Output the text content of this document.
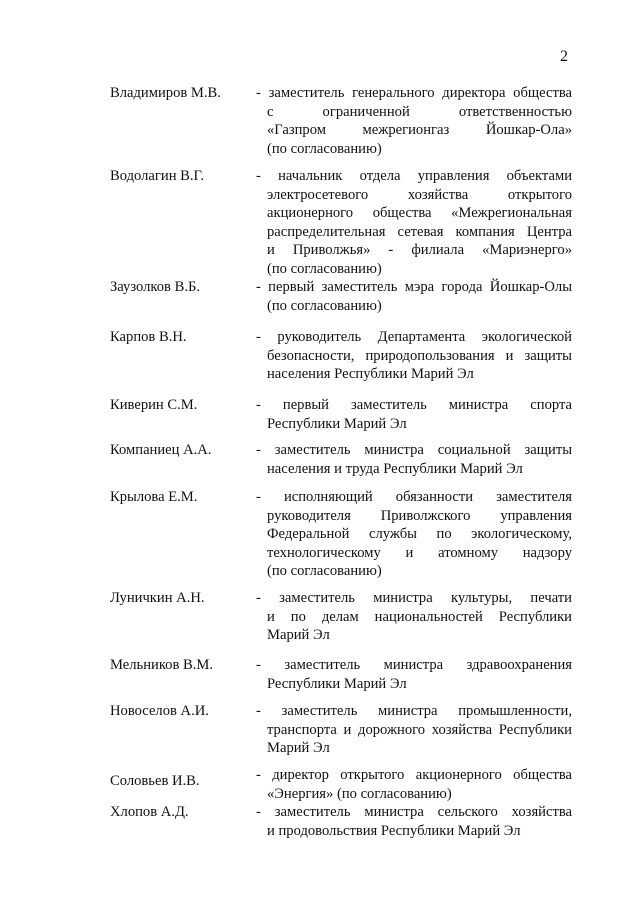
2
Владимиров М.В. - заместитель генерального директора общества
с ограниченной ответственностью
«Газпром межрегионгаз Йошкар-Ола»
(по согласованию)
Водолагин В.Г.	- начальник отдела управления объектами
электросетевого хозяйства открытого
акционерного общества «Межрегиональная
распределительная сетевая компания Центра
и Приволжья» - филиала «Мариэнерго»
(по согласованию)
Заузолков В.Б.	- первый заместитель мэра города Йошкар-Олы
(по согласованию)
Карпов В.Н.	- руководитель Департамента экологической
безопасности, природопользования и защиты
населения Республики Марий Эл
Киверин С.М.	- первый заместитель министра спорта
Республики Марий Эл
Компаниец А.А.	- заместитель министра социальной защиты
населения и труда Республики Марий Эл
Крылова Е.М.	- исполняющий обязанности заместителя
руководителя Приволжского управления
Федеральной службы по экологическому,
технологическому и атомному надзору
(по согласованию)
Луничкин А.Н.	- заместитель министра культуры, печати
и по делам национальностей Республики
Марий Эл
Мельников В.М.	- заместитель министра здравоохранения
Республики Марий Эл
Новоселов А.И.	- заместитель министра промышленности,
транспорта и дорожного хозяйства Республики
Марий Эл
Соловьев И.В.	- директор открытого акционерного общества
«Энергия» (по согласованию)
Хлопов А.Д.	- заместитель министра сельского хозяйства
и продовольствия Республики Марий Эл
